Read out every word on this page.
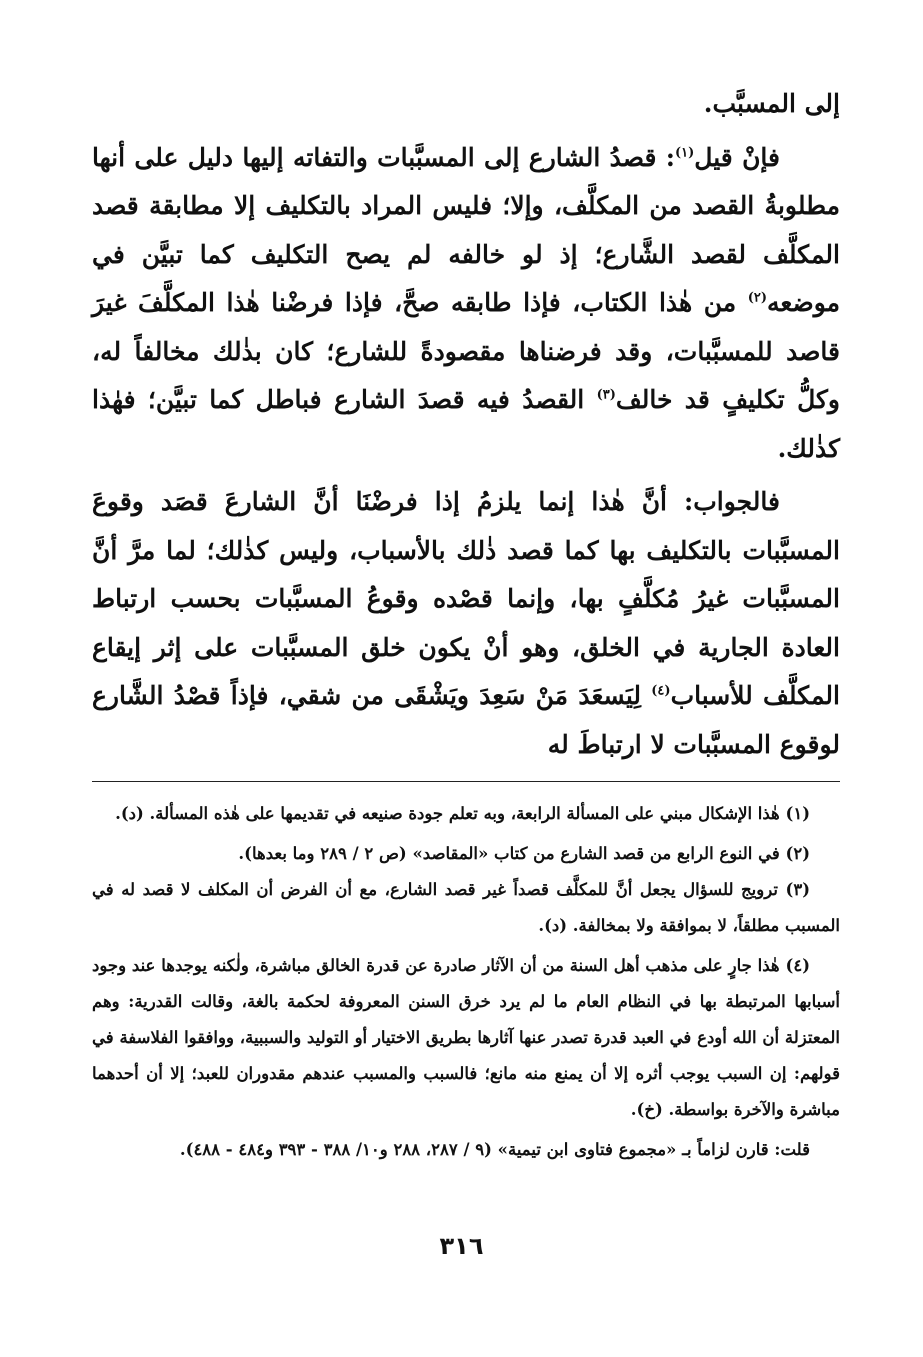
إلى المسبَّب.

فإنْ قيل$^{(١)}$: قصدُ الشارع إلى المسبَّبات والتفاته إليها دليل على أنها مطلوبةُ القصد من المكلَّف، وإلا؛ فليس المراد بالتكليف إلا مطابقة قصد المكلَّف لقصد الشَّارع؛ إذ لو خالفه لم يصح التكليف كما تبيَّن في موضعه$^{(٢)}$ من هٰذا الكتاب، فإذا طابقه صحَّ، فإذا فرضْنا هٰذا المكلَّفَ غيرَ قاصد للمسبَّبات، وقد فرضناها مقصودةً للشارع؛ كان بذٰلك مخالفاً له، وكلُّ تكليفٍ قد خالف$^{(٣)}$ القصدُ فيه قصدَ الشارع فباطل كما تبيَّن؛ فهٰذا كذٰلك.

فالجواب: أنَّ هٰذا إنما يلزمُ إذا فرضْنَا أنَّ الشارعَ قصَد وقوعَ المسبَّبات بالتكليف بها كما قصد ذٰلك بالأسباب، وليس كذٰلك؛ لما مرَّ أنَّ المسبَّبات غيرُ مُكلَّفٍ بها، وإنما قصْده وقوعُ المسبَّبات بحسب ارتباط العادة الجارية في الخلق، وهو أنْ يكون خلق المسبَّبات على إثر إيقاع المكلَّف للأسباب$^{(٤)}$ لِيَسعَدَ مَنْ سَعِدَ ويَشْقَى من شقي، فإذاً قصْدُ الشَّارع لوقوع المسبَّبات لا ارتباطَ له

(١) هٰذا الإشكال مبني على المسألة الرابعة، وبه تعلم جودة صنيعه في تقديمها على هٰذه المسألة. (د).

(٢) في النوع الرابع من قصد الشارع من كتاب «المقاصد» (ص ٢ / ٢٨٩ وما بعدها).

(٣) ترويج للسؤال يجعل أنَّ للمكلَّف قصداً غير قصد الشارع، مع أن الفرض أن المكلف لا قصد له في المسبب مطلقاً، لا بموافقة ولا بمخالفة. (د).

(٤) هٰذا جارٍ على مذهب أهل السنة من أن الآثار صادرة عن قدرة الخالق مباشرة، ولٰكنه يوجدها عند وجود أسبابها المرتبطة بها في النظام العام ما لم يرد خرق السنن المعروفة لحكمة بالغة، وقالت القدرية: وهم المعتزلة أن الله أودع في العبد قدرة تصدر عنها آثارها بطريق الاختيار أو التوليد والسببية، ووافقوا الفلاسفة في قولهم: إن السبب يوجب أثره إلا أن يمنع منه مانع؛ فالسبب والمسبب عندهم مقدوران للعبد؛ إلا أن أحدهما مباشرة والآخرة بواسطة. (خ).

قلت: قارن لزاماً بـ «مجموع فتاوى ابن تيمية» (٩ / ٢٨٧، ٢٨٨ و١٠/ ٣٨٨ - ٣٩٣ و٤٨٤ - ٤٨٨).

٣١٦
